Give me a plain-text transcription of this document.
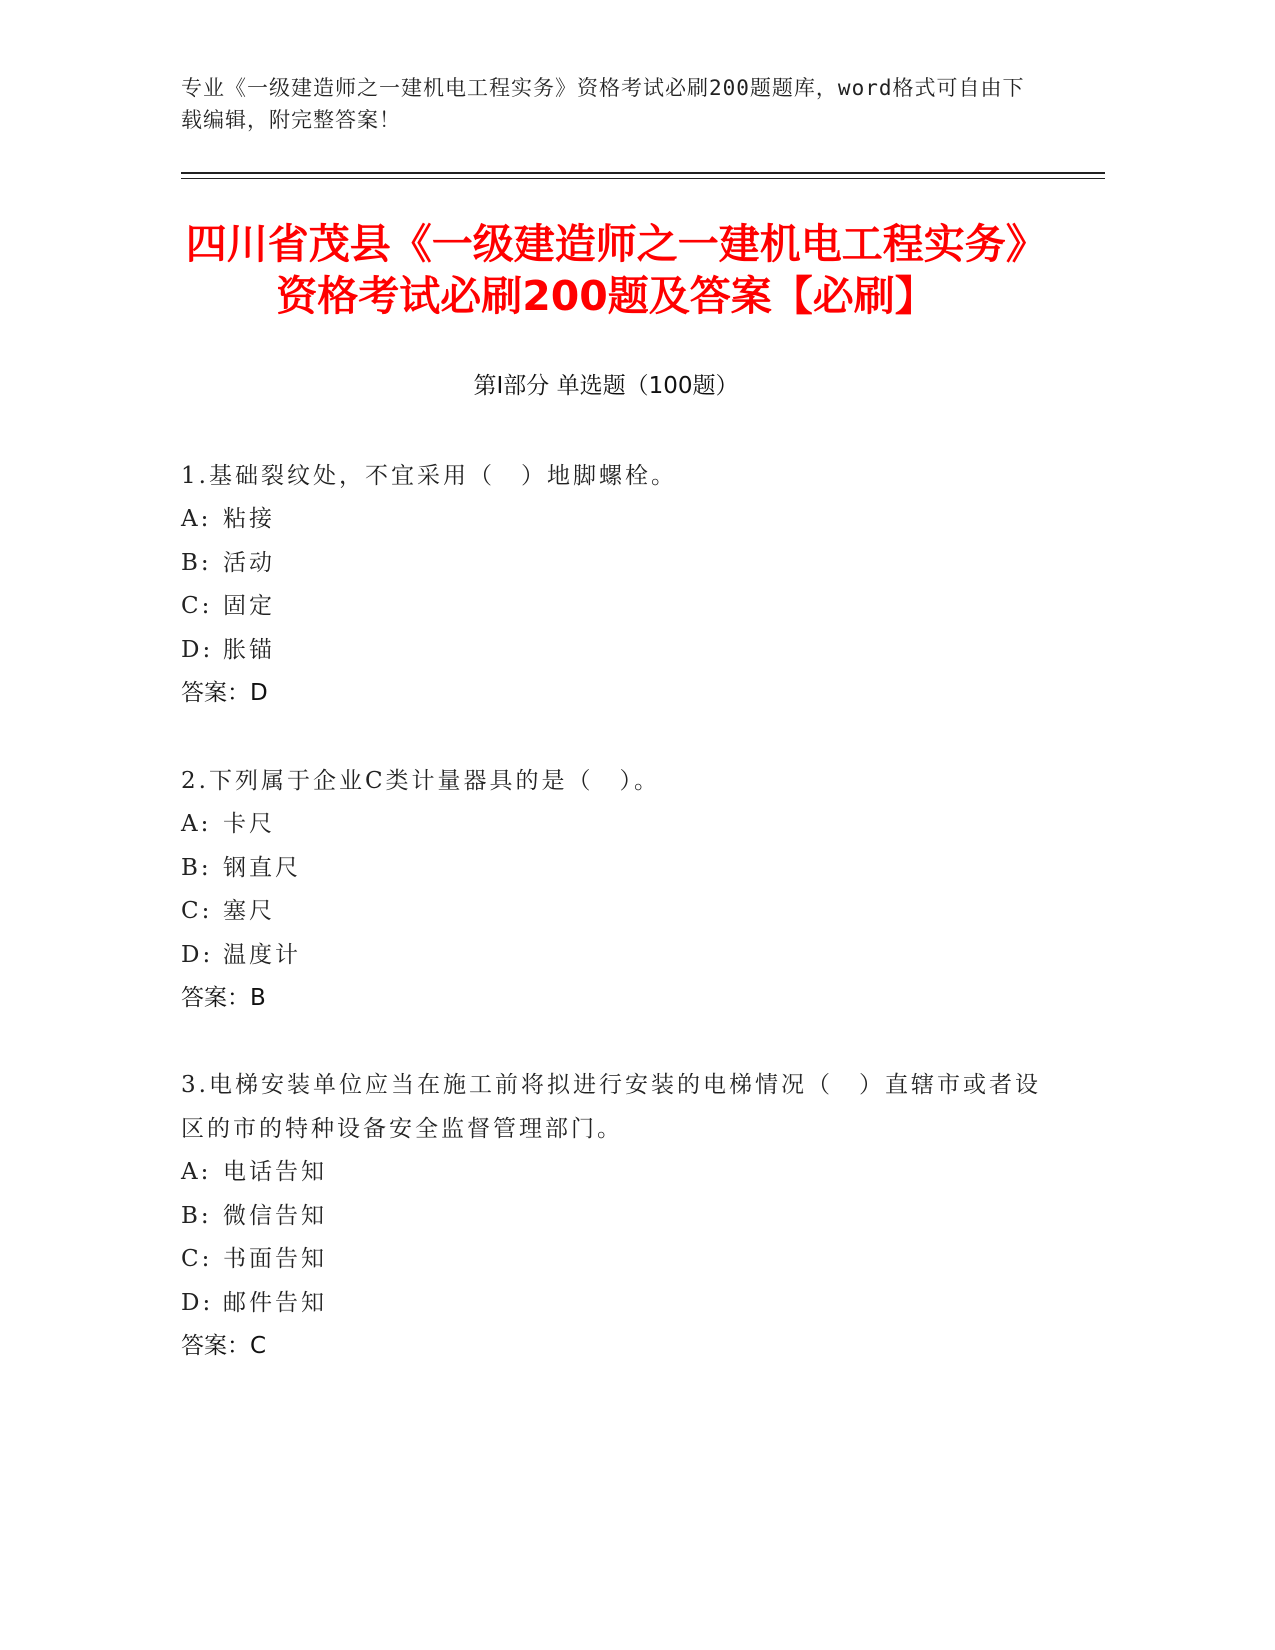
专业《一级建造师之一建机电工程实务》资格考试必刷200题题库，word格式可自由下载编辑，附完整答案！
四川省茂县《一级建造师之一建机电工程实务》资格考试必刷200题及答案【必刷】
第I部分 单选题（100题）
1.基础裂纹处，不宜采用（　）地脚螺栓。
A: 粘接
B: 活动
C: 固定
D: 胀锚
答案：D
2.下列属于企业C类计量器具的是（　）。
A: 卡尺
B: 钢直尺
C: 塞尺
D: 温度计
答案：B
3.电梯安装单位应当在施工前将拟进行安装的电梯情况（　）直辖市或者设区的市的特种设备安全监督管理部门。
A: 电话告知
B: 微信告知
C: 书面告知
D: 邮件告知
答案：C
